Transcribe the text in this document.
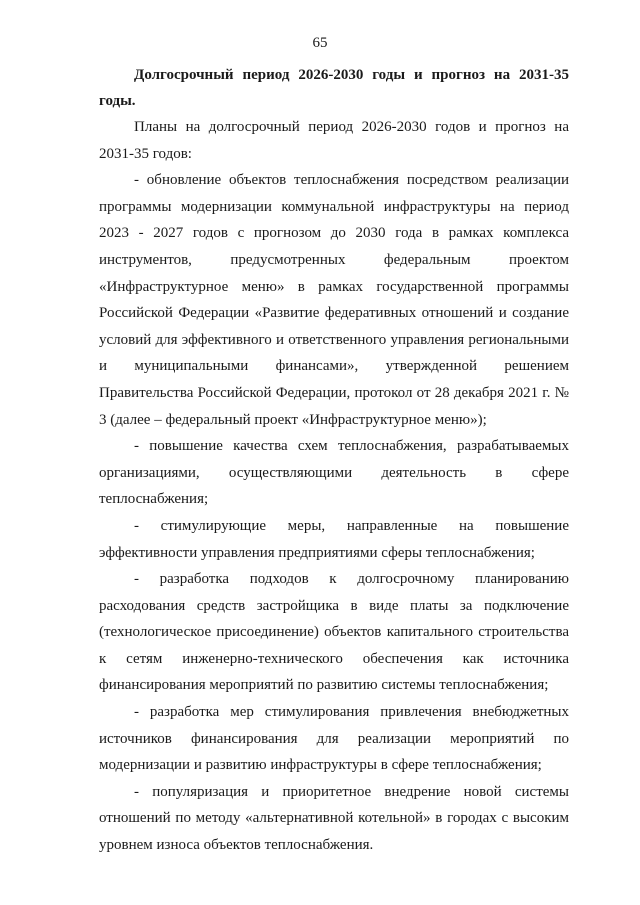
65

Долгосрочный период 2026-2030 годы и прогноз на 2031-35 годы.

Планы на долгосрочный период 2026-2030 годов и прогноз на 2031-35 годов:

- обновление объектов теплоснабжения посредством реализации программы модернизации коммунальной инфраструктуры на период 2023 - 2027 годов с прогнозом до 2030 года в рамках комплекса инструментов, предусмотренных федеральным проектом «Инфраструктурное меню» в рамках государственной программы Российской Федерации «Развитие федеративных отношений и создание условий для эффективного и ответственного управления региональными и муниципальными финансами», утвержденной решением Правительства Российской Федерации, протокол от 28 декабря 2021 г. № 3 (далее – федеральный проект «Инфраструктурное меню»);

- повышение качества схем теплоснабжения, разрабатываемых организациями, осуществляющими деятельность в сфере теплоснабжения;

- стимулирующие меры, направленные на повышение эффективности управления предприятиями сферы теплоснабжения;

- разработка подходов к долгосрочному планированию расходования средств застройщика в виде платы за подключение (технологическое присоединение) объектов капитального строительства к сетям инженерно-технического обеспечения как источника финансирования мероприятий по развитию системы теплоснабжения;

- разработка мер стимулирования привлечения внебюджетных источников финансирования для реализации мероприятий по модернизации и развитию инфраструктуры в сфере теплоснабжения;

- популяризация и приоритетное внедрение новой системы отношений по методу «альтернативной котельной» в городах с высоким уровнем износа объектов теплоснабжения.
